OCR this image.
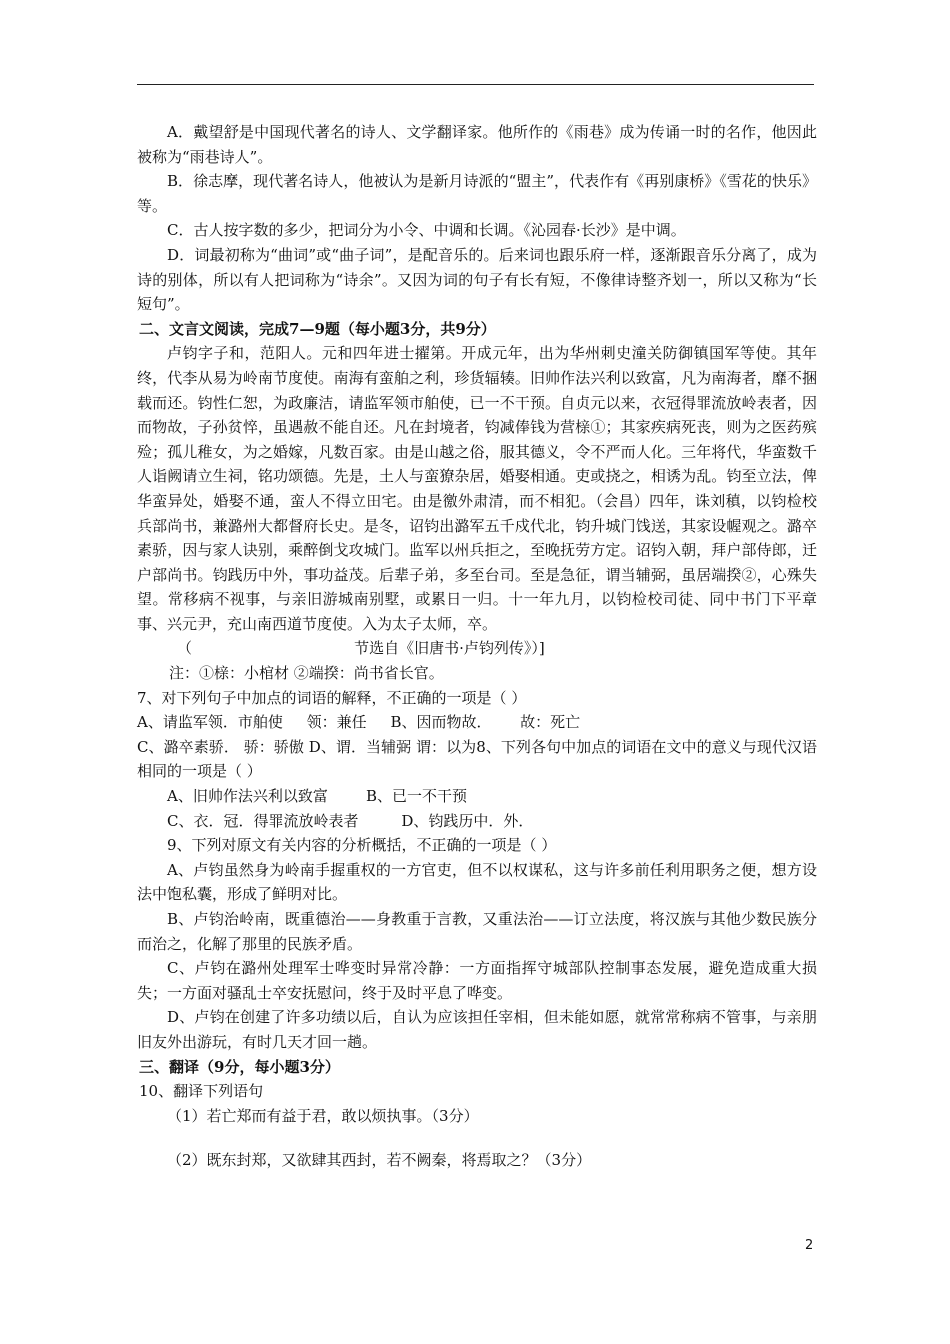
A．戴望舒是中国现代著名的诗人、文学翻译家。他所作的《雨巷》成为传诵一时的名作，他因此被称为“雨巷诗人”。

B．徐志摩，现代著名诗人，他被认为是新月诗派的“盟主”，代表作有《再别康桥》《雪花的快乐》等。

C．古人按字数的多少，把词分为小令、中调和长调。《沁园春·长沙》是中调。

D．词最初称为“曲词”或“曲子词”，是配音乐的。后来词也跟乐府一样，逐渐跟音乐分离了，成为诗的别体，所以有人把词称为“诗余”。又因为词的句子有长有短，不像律诗整齐划一，所以又称为“长短句”。

二、文言文阅读，完成7—9题（每小题3分，共9分）

卢钧字子和，范阳人。元和四年进士擢第。开成元年，出为华州刺史潼关防御镇国军等使。其年终，代李从易为岭南节度使。南海有蛮舶之利，珍货辐辏。旧帅作法兴利以致富，凡为南海者，靡不捆载而还。钧性仁恕，为政廉洁，请监军领市舶使，已一不干预。自贞元以来，衣冠得罪流放岭表者，因而物故，子孙贫悴，虽遇赦不能自还。凡在封境者，钧减俸钱为营榇①；其家疾病死丧，则为之医药殡殓；孤儿稚女，为之婚嫁，凡数百家。由是山越之俗，服其德义，令不严而人化。三年将代，华蛮数千人诣阙请立生祠，铭功颂德。先是，土人与蛮獠杂居，婚娶相通。吏或挠之，相诱为乱。钧至立法，俾华蛮异处，婚娶不通，蛮人不得立田宅。由是徼外肃清，而不相犯。（会昌）四年，诛刘稹，以钧检校兵部尚书，兼潞州大都督府长史。是冬，诏钧出潞军五千戍代北，钧升城门饯送，其家设幄观之。潞卒素骄，因与家人诀别，乘醉倒戈攻城门。监军以州兵拒之，至晚抚劳方定。诏钧入朝，拜户部侍郎，迁户部尚书。钧践历中外，事功益茂。后辈子弟，多至台司。至是急征，谓当辅弼，虽居端揆②，心殊失望。常移病不视事，与亲旧游城南别墅，或累日一归。十一年九月，以钧检校司徒、同中书门下平章事、兴元尹，充山南西道节度使。入为太子太师，卒。

（                                  节选自《旧唐书·卢钧列传》）]

注：①榇：小棺材 ②端揆：尚书省长官。

7、对下列句子中加点的词语的解释，不正确的一项是（ ）

A、请监军领．市舶使     领：兼任     B、因而物故．      故：死亡

C、潞卒素骄． 骄：骄傲 D、谓．当辅弼 谓：以为8、下列各句中加点的词语在文中的意义与现代汉语相同的一项是（ ）

A、旧帅作法兴利以致富        B、已一不干预

C、衣．冠．得罪流放岭表者         D、钧践历中．外．

9、下列对原文有关内容的分析概括，不正确的一项是（ ）

A、卢钧虽然身为岭南手握重权的一方官吏，但不以权谋私，这与许多前任利用职务之便，想方设法中饱私囊，形成了鲜明对比。

B、卢钧治岭南，既重德治——身教重于言教，又重法治——订立法度，将汉族与其他少数民族分而治之，化解了那里的民族矛盾。

C、卢钧在潞州处理军士哗变时异常冷静：一方面指挥守城部队控制事态发展，避免造成重大损失；一方面对骚乱士卒安抚慰问，终于及时平息了哗变。

D、卢钧在创建了许多功绩以后，自认为应该担任宰相，但未能如愿，就常常称病不管事，与亲朋旧友外出游玩，有时几天才回一趟。

三、翻译（9分，每小题3分）

10、翻译下列语句

（1）若亡郑而有益于君，敢以烦执事。（3分）

（2）既东封郑，又欲肆其西封，若不阙秦，将焉取之？（3分）

2
